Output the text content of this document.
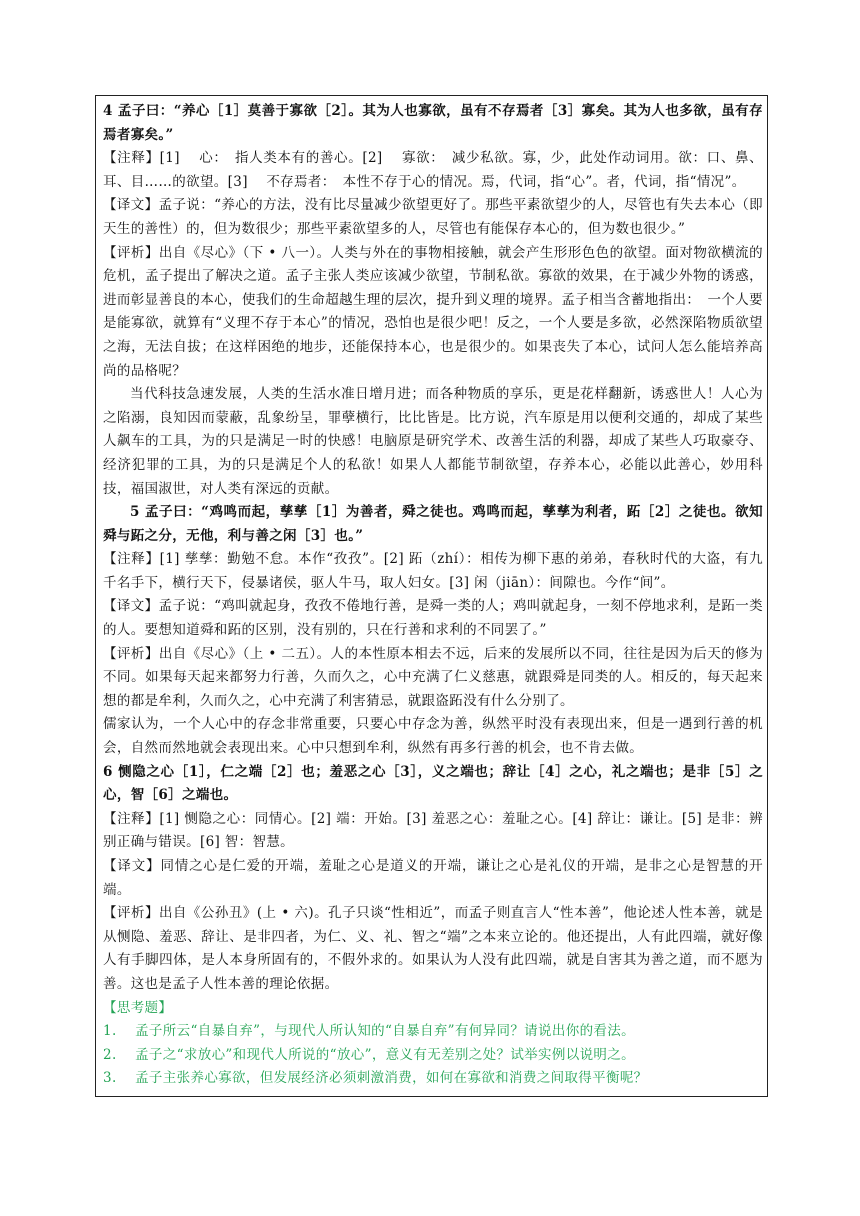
4 孟子曰：“养心［1］莫善于寡欲［2］。其为人也寡欲，虽有不存焉者［3］寡矣。其为人也多欲，虽有存焉者寡矣。”

【注释】[1]　 心：　指人类本有的善心。[2]　 寡欲：　减少私欲。寡，少，此处作动词用。欲：口、鼻、耳、目……的欲望。[3]　 不存焉者：　本性不存于心的情况。焉，代词，指“心”。者，代词，指“情况”。

【译文】孟子说：“养心的方法，没有比尽量减少欲望更好了。那些平素欲望少的人，尽管也有失去本心（即天生的善性）的，但为数很少；那些平素欲望多的人，尽管也有能保存本心的，但为数也很少。”

【评析】出自《尽心》（下 • 八一）。人类与外在的事物相接触，就会产生形形色色的欲望。面对物欲横流的危机，孟子提出了解决之道。孟子主张人类应该减少欲望，节制私欲。寡欲的效果，在于减少外物的诱惑，进而彰显善良的本心，使我们的生命超越生理的层次，提升到义理的境界。孟子相当含蓄地指出：　一个人要是能寡欲，就算有“义理不存于本心”的情况，恐怕也是很少吧！反之，一个人要是多欲，必然深陷物质欲望之海，无法自拔；在这样困绝的地步，还能保持本心，也是很少的。如果丧失了本心，试问人怎么能培养高尚的品格呢？

当代科技急速发展，人类的生活水准日增月进；而各种物质的享乐，更是花样翻新，诱惑世人！人心为之陷溺，良知因而蒙蔽，乱象纷呈，罪孽横行，比比皆是。比方说，汽车原是用以便利交通的，却成了某些人飙车的工具，为的只是满足一时的快感！电脑原是研究学术、改善生活的利器，却成了某些人巧取豪夺、经济犯罪的工具，为的只是满足个人的私欲！如果人人都能节制欲望，存养本心，必能以此善心，妙用科技，福国淑世，对人类有深远的贡献。

5 孟子曰：“鸡鸣而起，孳孳［1］为善者，舜之徒也。鸡鸣而起，孳孳为利者，跖［2］之徒也。欲知舜与跖之分，无他，利与善之闲［3］也。”

【注释】[1] 孳孳：勤勉不怠。本作“孜孜”。[2] 跖（zhí）：相传为柳下惠的弟弟，春秋时代的大盗，有九千名手下，横行天下，侵暴诸侯，驱人牛马，取人妇女。[3] 闲（jiān）：间隙也。今作“间”。

【译文】孟子说：“鸡叫就起身，孜孜不倦地行善，是舜一类的人；鸡叫就起身，一刻不停地求利，是跖一类的人。要想知道舜和跖的区别，没有别的，只在行善和求利的不同罢了。”

【评析】出自《尽心》（上 • 二五）。人的本性原本相去不远，后来的发展所以不同，往往是因为后天的修为不同。如果每天起来都努力行善，久而久之，心中充满了仁义慈惠，就跟舜是同类的人。相反的，每天起来想的都是牟利，久而久之，心中充满了利害猜忌，就跟盗跖没有什么分别了。

儒家认为，一个人心中的存念非常重要，只要心中存念为善，纵然平时没有表现出来，但是一遇到行善的机会，自然而然地就会表现出来。心中只想到牟利，纵然有再多行善的机会，也不肯去做。

6 恻隐之心［1］，仁之端［2］也；羞恶之心［3］，义之端也；辞让［4］之心，礼之端也；是非［5］之心，智［6］之端也。

【注释】[1] 恻隐之心：同情心。[2] 端：开始。[3] 羞恶之心：羞耻之心。[4] 辞让：谦让。[5] 是非：辨别正确与错误。[6] 智：智慧。

【译文】同情之心是仁爱的开端，羞耻之心是道义的开端，谦让之心是礼仪的开端，是非之心是智慧的开端。

【评析】出自《公孙丑》(上 • 六)。孔子只谈“性相近”，而孟子则直言人“性本善”，他论述人性本善，就是从恻隐、羞恶、辞让、是非四者，为仁、义、礼、智之“端”之本来立论的。他还提出，人有此四端，就好像人有手脚四体，是人本身所固有的，不假外求的。如果认为人没有此四端，就是自害其为善之道，而不愿为善。这也是孟子人性本善的理论依据。

【思考题】

1.　 孟子所云“自暴自弃”，与现代人所认知的“自暴自弃”有何异同？请说出你的看法。

2.　 孟子之“求放心”和现代人所说的“放心”，意义有无差别之处？试举实例以说明之。

3.　 孟子主张养心寡欲，但发展经济必须刺激消费，如何在寡欲和消费之间取得平衡呢？
